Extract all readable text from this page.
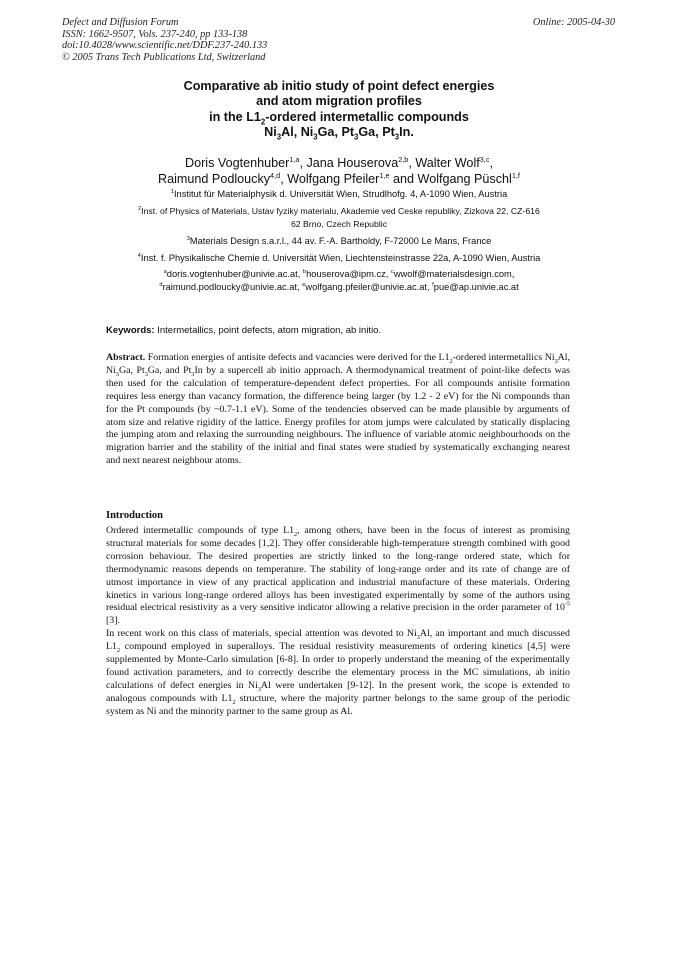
Defect and Diffusion Forum
ISSN: 1662-9507, Vols. 237-240, pp 133-138
doi:10.4028/www.scientific.net/DDF.237-240.133
© 2005 Trans Tech Publications Ltd, Switzerland
Online: 2005-04-30
Comparative ab initio study of point defect energies
and atom migration profiles
in the $L1_2$-ordered intermetallic compounds
$Ni_3Al$, $Ni_3Ga$, $Pt_3Ga$, $Pt_3In$.
Doris Vogtenhuber$^{1,a}$, Jana Houserova$^{2,b}$, Walter Wolf$^{3,c}$,
Raimund Podloucky$^{4,d}$, Wolfgang Pfeiler$^{1,e}$ and Wolfgang Püschl$^{1,f}$
$^1$Institut für Materialphysik d. Universität Wien, Strudlhofg. 4, A-1090 Wien, Austria
$^2$Inst. of Physics of Materials, Ustav fyziky materialu, Akademie ved Ceske republiky, Zizkova 22, CZ-616
62 Brno, Czech Republic
$^3$Materials Design s.a.r.l., 44 av. F.-A. Bartholdy, F-72000 Le Mans, France
$^4$Inst. f. Physikalische Chemie d. Universität Wien, Liechtensteinstrasse 22a, A-1090 Wien, Austria
$^a$doris.vogtenhuber@univie.ac.at, $^b$houserova@ipm.cz, $^c$wwolf@materialsdesign.com,
$^d$raimund.podloucky@univie.ac.at, $^e$wolfgang.pfeiler@univie.ac.at, $^f$pue@ap.univie.ac.at
Keywords: Intermetallics, point defects, atom migration, ab initio.
Abstract. Formation energies of antisite defects and vacancies were derived for the $L1_2$-ordered intermetallics $Ni_3Al$, $Ni_3Ga$, $Pt_3Ga$, and $Pt_3In$ by a supercell ab initio approach. A thermodynamical treatment of point-like defects was then used for the calculation of temperature-dependent defect properties. For all compounds antisite formation requires less energy than vacancy formation, the difference being larger (by 1.2 - 2 eV) for the Ni compounds than for the Pt compounds (by ~0.7-1.1 eV). Some of the tendencies observed can be made plausible by arguments of atom size and relative rigidity of the lattice. Energy profiles for atom jumps were calculated by statically displacing the jumping atom and relaxing the surrounding neighbours. The influence of variable atomic neighbourhoods on the migration barrier and the stability of the initial and final states were studied by systematically exchanging nearest and next nearest neighbour atoms.
Introduction

Ordered intermetallic compounds of type $L1_2$, among others, have been in the focus of interest as promising structural materials for some decades [1,2]. They offer considerable high-temperature strength combined with good corrosion behaviour. The desired properties are strictly linked to the long-range ordered state, which for thermodynamic reasons depends on temperature. The stability of long-range order and its rate of change are of utmost importance in view of any practical application and industrial manufacture of these materials. Ordering kinetics in various long-range ordered alloys has been investigated experimentally by some of the authors using residual electrical resistivity as a very sensitive indicator allowing a relative precision in the order parameter of $10^{-5}$ [3].

In recent work on this class of materials, special attention was devoted to $Ni_3Al$, an important and much discussed $L1_2$ compound employed in superalloys. The residual resistivity measurements of ordering kinetics [4,5] were supplemented by Monte-Carlo simulation [6-8]. In order to properly understand the meaning of the experimentally found activation parameters, and to correctly describe the elementary process in the MC simulations, ab initio calculations of defect energies in $Ni_3Al$ were undertaken [9-12]. In the present work, the scope is extended to analogous compounds with $L1_2$ structure, where the majority partner belongs to the same group of the periodic system as Ni and the minority partner to the same group as Al.
